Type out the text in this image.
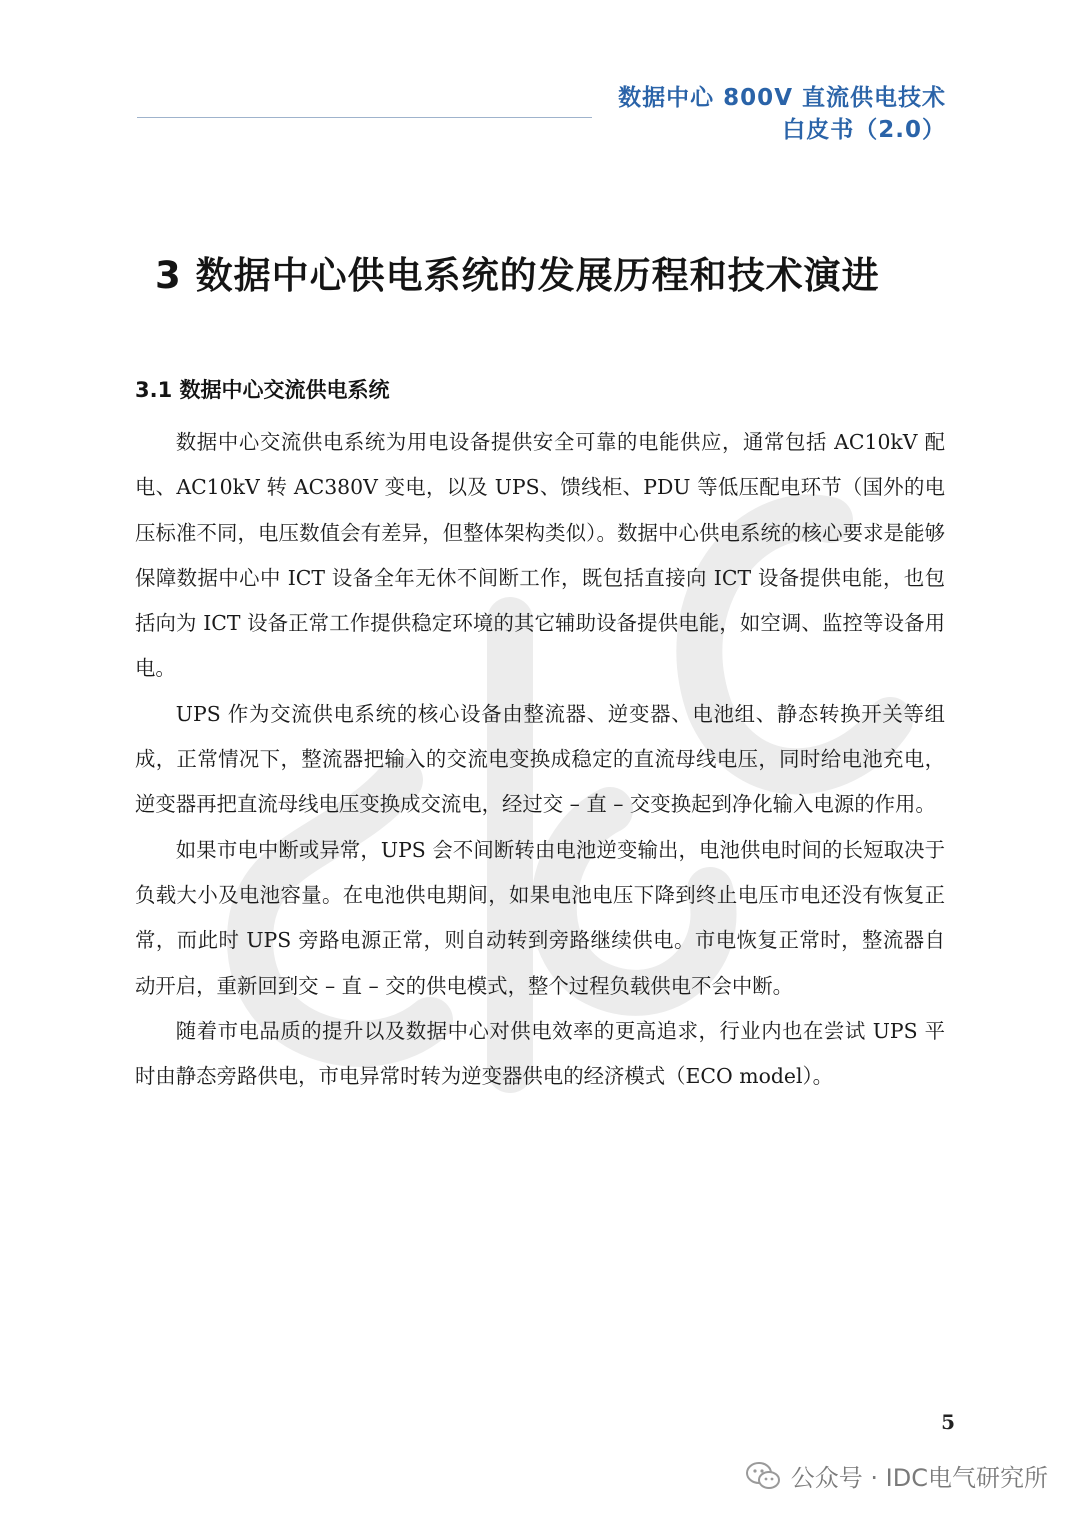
数据中心 800V 直流供电技术
白皮书（2.0）
3 数据中心供电系统的发展历程和技术演进
3.1 数据中心交流供电系统

数据中心交流供电系统为用电设备提供安全可靠的电能供应，通常包括 AC10kV 配电、AC10kV 转 AC380V 变电，以及 UPS、馈线柜、PDU 等低压配电环节（国外的电压标准不同，电压数值会有差异，但整体架构类似）。数据中心供电系统的核心要求是能够保障数据中心中 ICT 设备全年无休不间断工作，既包括直接向 ICT 设备提供电能，也包括向为 ICT 设备正常工作提供稳定环境的其它辅助设备提供电能，如空调、监控等设备用电。

UPS 作为交流供电系统的核心设备由整流器、逆变器、电池组、静态转换开关等组成，正常情况下，整流器把输入的交流电变换成稳定的直流母线电压，同时给电池充电，逆变器再把直流母线电压变换成交流电，经过交 – 直 – 交变换起到净化输入电源的作用。

如果市电中断或异常，UPS 会不间断转由电池逆变输出，电池供电时间的长短取决于负载大小及电池容量。在电池供电期间，如果电池电压下降到终止电压市电还没有恢复正常，而此时 UPS 旁路电源正常，则自动转到旁路继续供电。市电恢复正常时，整流器自动开启，重新回到交 – 直 – 交的供电模式，整个过程负载供电不会中断。

随着市电品质的提升以及数据中心对供电效率的更高追求，行业内也在尝试 UPS 平时由静态旁路供电，市电异常时转为逆变器供电的经济模式（ECO model）。

5
公众号 · IDC电气研究所
